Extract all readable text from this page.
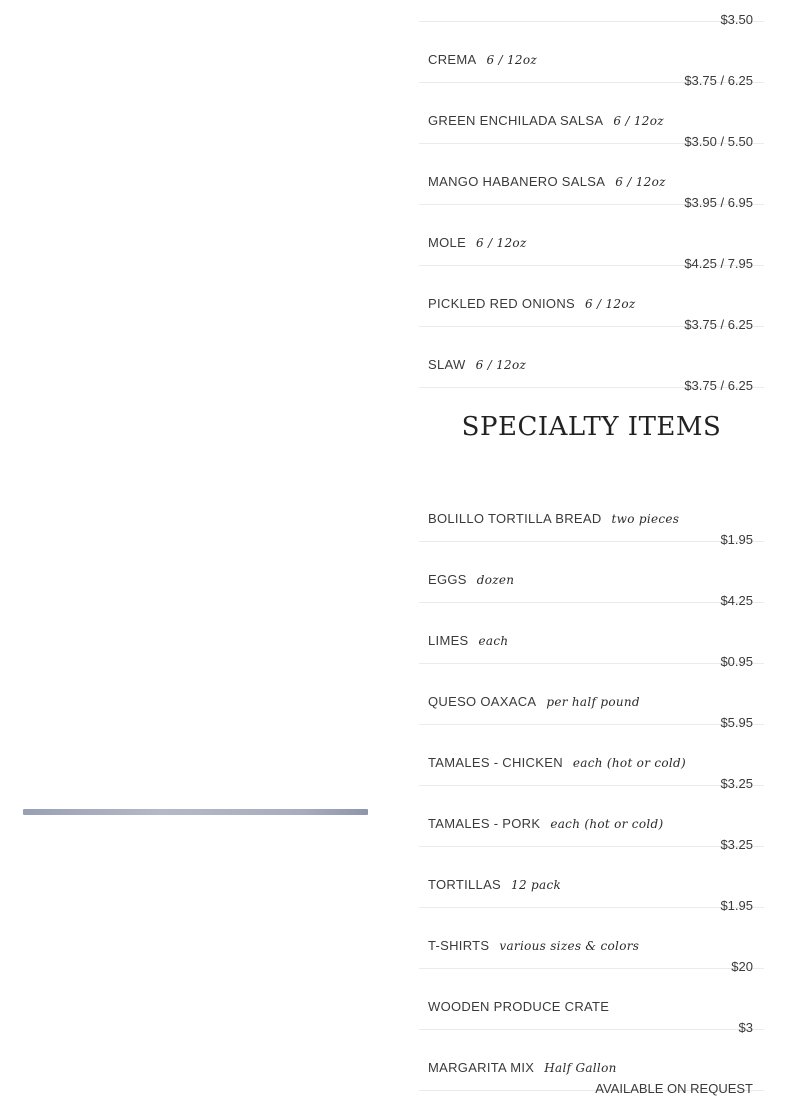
$3.50
CREMA 6 / 12oz
$3.75 / 6.25
GREEN ENCHILADA SALSA 6 / 12oz
$3.50 / 5.50
MANGO HABANERO SALSA 6 / 12oz
$3.95 / 6.95
MOLE 6 / 12oz
$4.25 / 7.95
PICKLED RED ONIONS 6 / 12oz
$3.75 / 6.25
SLAW 6 / 12oz
$3.75 / 6.25
SPECIALTY ITEMS
BOLILLO TORTILLA BREAD two pieces
$1.95
EGGS dozen
$4.25
LIMES each
$0.95
QUESO OAXACA per half pound
$5.95
TAMALES - CHICKEN each (hot or cold)
$3.25
TAMALES - PORK each (hot or cold)
$3.25
TORTILLAS 12 pack
$1.95
T-SHIRTS various sizes & colors
$20
WOODEN PRODUCE CRATE
$3
MARGARITA MIX Half Gallon
AVAILABLE ON REQUEST
